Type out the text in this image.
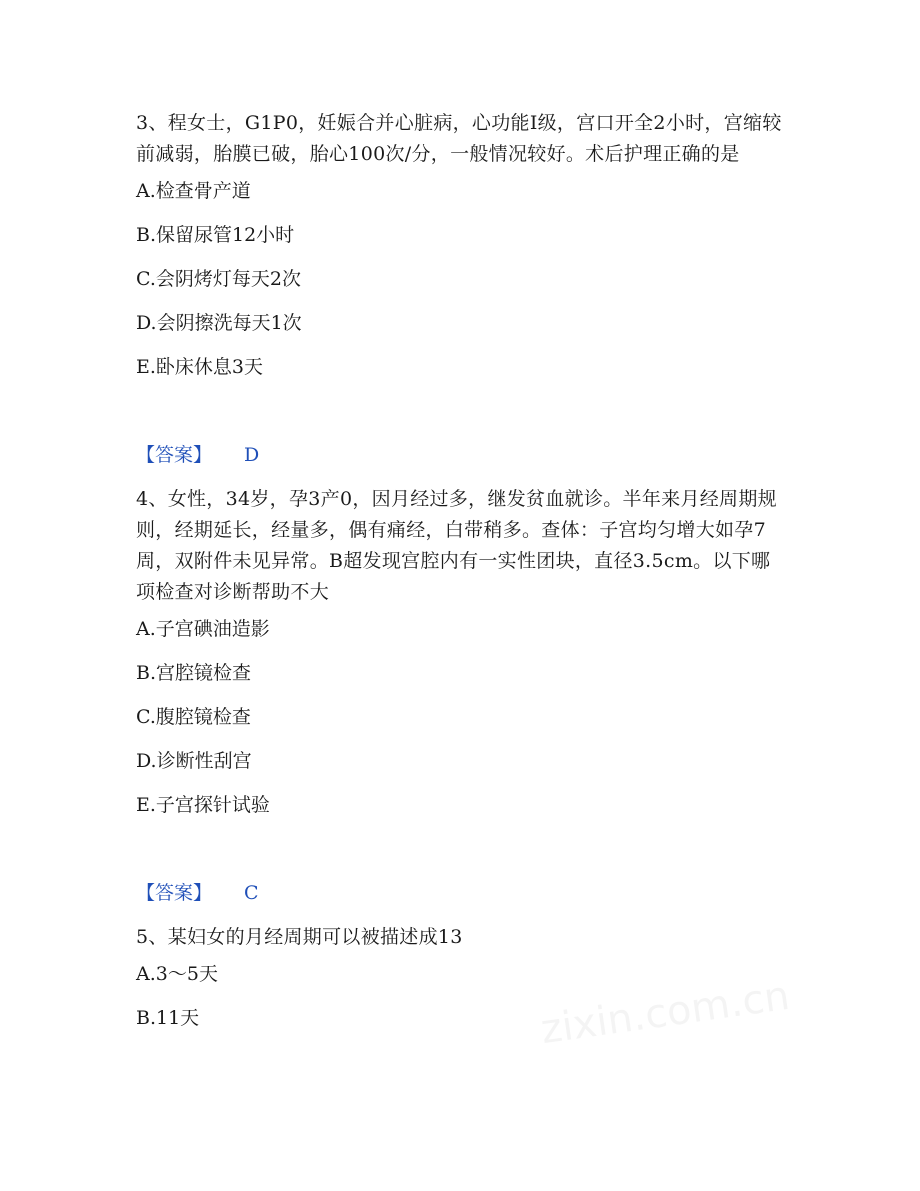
3、程女士，G1P0，妊娠合并心脏病，心功能Ⅰ级，宫口开全2小时，宫缩较前减弱，胎膜已破，胎心100次/分，一般情况较好。术后护理正确的是

A.检查骨产道
B.保留尿管12小时
C.会阴烤灯每天2次
D.会阴擦洗每天1次
E.卧床休息3天
【答案】 D

4、女性，34岁，孕3产0，因月经过多，继发贫血就诊。半年来月经周期规则，经期延长，经量多，偶有痛经，白带稍多。查体：子宫均匀增大如孕7周，双附件未见异常。B超发现宫腔内有一实性团块，直径3.5cm。以下哪项检查对诊断帮助不大

A.子宫碘油造影
B.宫腔镜检查
C.腹腔镜检查
D.诊断性刮宫
E.子宫探针试验
【答案】 C

5、某妇女的月经周期可以被描述成13

A.3～5天
B.11天
